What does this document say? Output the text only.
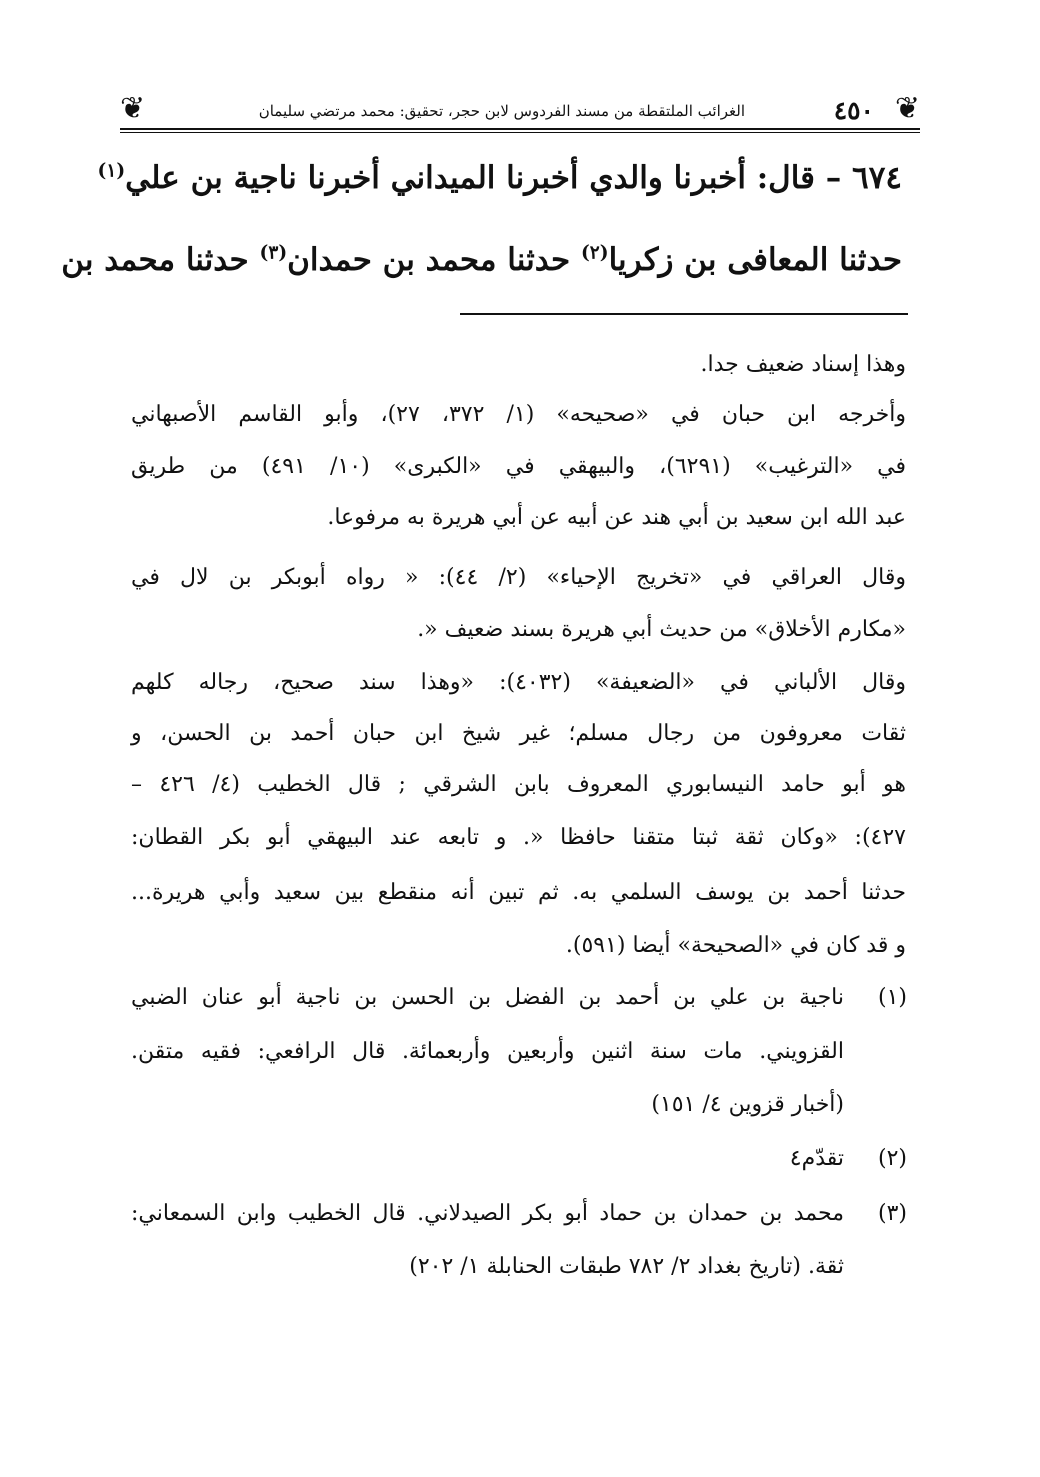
❦
٤٥٠
الغرائب الملتقطة من مسند الفردوس لابن حجر، تحقيق: محمد مرتضي سليمان
❦
٦٧٤ – قال: أخبرنا والدي أخبرنا الميداني أخبرنا ناجية بن علي$^{(١)}$
حدثنا المعافى بن زكريا$^{(٢)}$ حدثنا محمد بن حمدان$^{(٣)}$ حدثنا محمد بن
وهذا إسناد ضعيف جدا.
وأخرجه ابن حبان في «صحيحه» (١/ ٣٧٢، ٢٧)، وأبو القاسم الأصبهاني
في «الترغيب» (٦٢٩١)، والبيهقي في «الكبرى» (١٠/ ٤٩١) من طريق
عبد الله ابن سعيد بن أبي هند عن أبيه عن أبي هريرة به مرفوعا.
وقال العراقي في «تخريج الإحياء» (٢/ ٤٤): « رواه أبوبكر بن لال في
«مكارم الأخلاق» من حديث أبي هريرة بسند ضعيف «.
وقال الألباني في «الضعيفة» (٤٠٣٢): «وهذا سند صحيح، رجاله كلهم
ثقات معروفون من رجال مسلم؛ غير شيخ ابن حبان أحمد بن الحسن، و
هو أبو حامد النيسابوري المعروف بابن الشرقي ; قال الخطيب (٤/ ٤٢٦ –
٤٢٧): «وكان ثقة ثبتا متقنا حافظا «. و تابعه عند البيهقي أبو بكر القطان:
حدثنا أحمد بن يوسف السلمي به. ثم تبين أنه منقطع بين سعيد وأبي هريرة...
و قد كان في «الصحيحة» أيضا (٥٩١).
(١)
ناجية بن علي بن أحمد بن الفضل بن الحسن بن ناجية أبو عنان الضبي
القزويني. مات سنة اثنين وأربعين وأربعمائة. قال الرافعي: فقيه متقن.
(أخبار قزوين ٤/ ١٥١)
(٢)
تقدّم٤
(٣)
محمد بن حمدان بن حماد أبو بكر الصيدلاني. قال الخطيب وابن السمعاني:
ثقة. (تاريخ بغداد ٢/ ٧٨٢ طبقات الحنابلة ١/ ٢٠٢)
